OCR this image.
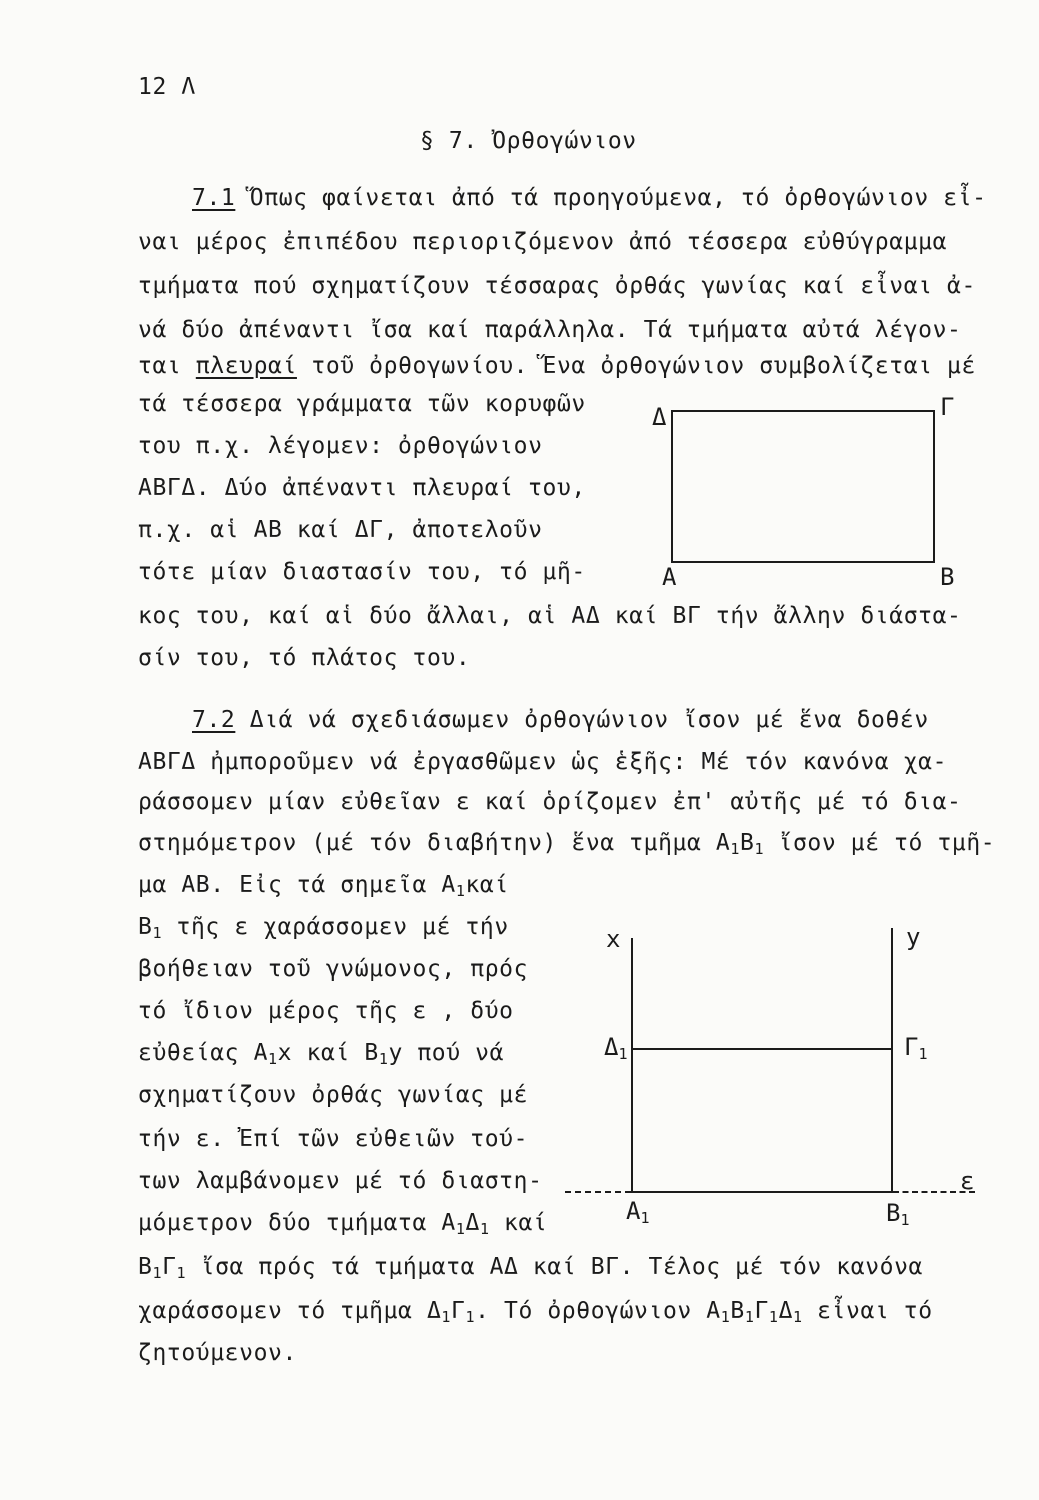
12 Λ
§ 7. Ὀρθογώνιον
7.1 Ὅπως φαίνεται ἀπό τά προηγούμενα, τό ὀρθογώνιον εἶ-
ναι μέρος ἐπιπέδου περιοριζόμενον ἀπό τέσσερα εὐθύγραμμα
τμήματα πού σχηματίζουν τέσσαρας ὀρθάς γωνίας καί εἶναι ἀ-
νά δύο ἀπέναντι ἴσα καί παράλληλα. Τά τμήματα αὐτά λέγον-
ται πλευραί τοῦ ὀρθογωνίου. Ἕνα ὀρθογώνιον συμβολίζεται μέ
τά τέσσερα γράμματα τῶν κορυφῶν
του π.χ. λέγομεν: ὀρθογώνιον
ΑΒΓΔ. Δύο ἀπέναντι πλευραί του,
π.χ. αἱ ΑΒ καί ΔΓ, ἀποτελοῦν
τότε μίαν διαστασίν του, τό μῆ-
κος του, καί αἱ δύο ἄλλαι, αἱ ΑΔ καί ΒΓ τήν ἄλλην διάστα-
σίν του, τό πλάτος του.
Δ	Γ
Α	Β
7.2 Διά νά σχεδιάσωμεν ὀρθογώνιον ἴσον μέ ἕνα δοθέν
ΑΒΓΔ ἠμποροῦμεν νά ἐργασθῶμεν ὡς ἑξῆς: Μέ τόν κανόνα χα-
ράσσομεν μίαν εὐθεῖαν ε καί ὁρίζομεν ἐπ' αὐτῆς μέ τό δια-
στημόμετρον (μέ τόν διαβήτην) ἕνα τμῆμα $A_1B_1$ ἴσον μέ τό τμῆ-
μα ΑΒ. Εἰς τά σημεῖα $A_1\kappa\alpha ί$
$B_1$ τῆς ε χαράσσομεν μέ τήν
βοήθειαν τοῦ γνώμονος, πρός
τό ἴδιον μέρος τῆς ε , δύο
εὐθείας $A_1x$ καί $B_1y$ πού νά
σχηματίζουν ὀρθάς γωνίας μέ
τήν ε. Ἐπί τῶν εὐθειῶν τού-
των λαμβάνομεν μέ τό διαστη-
μόμετρον δύο τμήματα $A_1\Delta_1$ καί
$B_1\Gamma_1$ ἴσα πρός τά τμήματα ΑΔ καί ΒΓ. Τέλος μέ τόν κανόνα
χαράσσομεν τό τμῆμα $\Delta_1\Gamma_1$. Τό ὀρθογώνιον $A_1B_1\Gamma_1\Delta_1$ εἶναι τό
ζητούμενον.
x	y
$\Delta_1$	$\Gamma_1$
ε
$A_1$	$B_1$
